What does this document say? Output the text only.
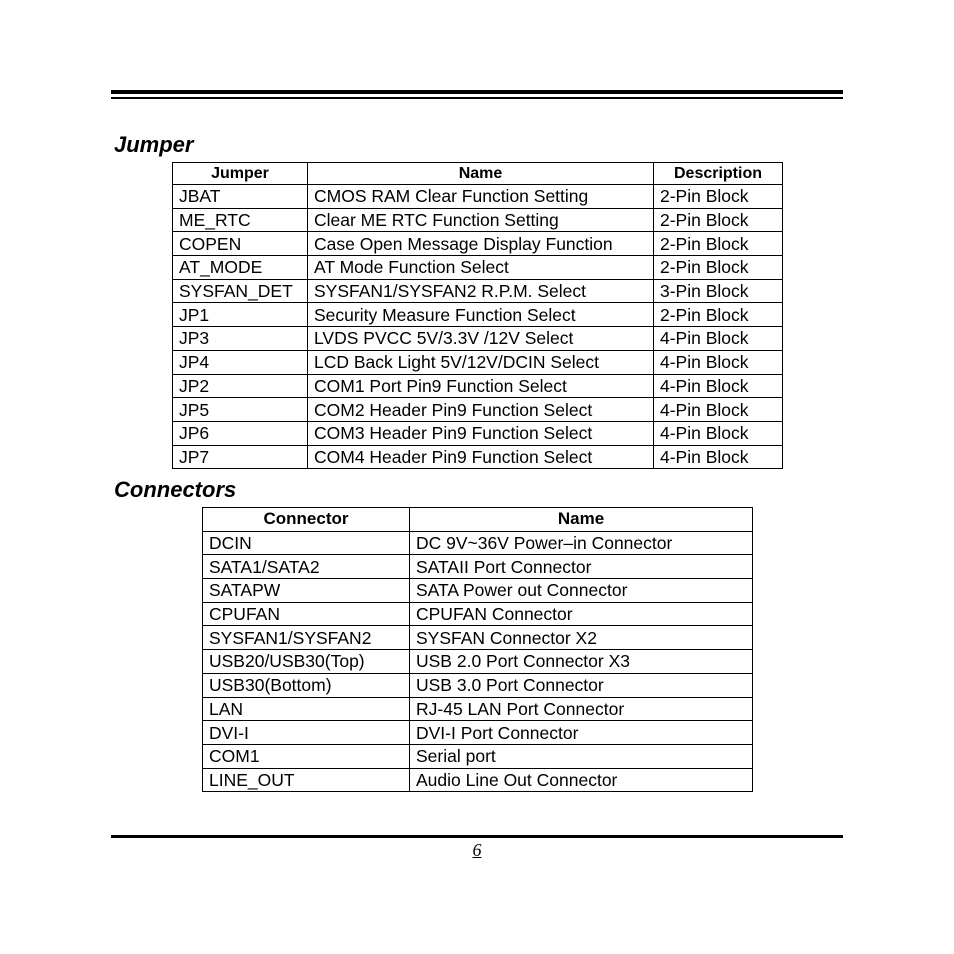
Jumper
Jumper	Name	Description
JBAT	CMOS RAM Clear Function Setting	2-Pin Block
ME_RTC	Clear ME RTC Function Setting	2-Pin Block
COPEN	Case Open Message Display Function	2-Pin Block
AT_MODE	AT Mode Function Select	2-Pin Block
SYSFAN_DET	SYSFAN1/SYSFAN2 R.P.M. Select	3-Pin Block
JP1	Security Measure Function Select	2-Pin Block
JP3	LVDS PVCC 5V/3.3V /12V Select	4-Pin Block
JP4	LCD Back Light 5V/12V/DCIN Select	4-Pin Block
JP2	COM1 Port Pin9 Function Select	4-Pin Block
JP5	COM2 Header Pin9 Function Select	4-Pin Block
JP6	COM3 Header Pin9 Function Select	4-Pin Block
JP7	COM4 Header Pin9 Function Select	4-Pin Block
Connectors
Connector	Name
DCIN	DC 9V~36V Power–in Connector
SATA1/SATA2	SATAII Port Connector
SATAPW	SATA Power out Connector
CPUFAN	CPUFAN Connector
SYSFAN1/SYSFAN2	SYSFAN Connector X2
USB20/USB30(Top)	USB 2.0 Port Connector X3
USB30(Bottom)	USB 3.0 Port Connector
LAN	RJ-45 LAN Port Connector
DVI-I	DVI-I Port Connector
COM1	Serial port
LINE_OUT	Audio Line Out Connector
6
